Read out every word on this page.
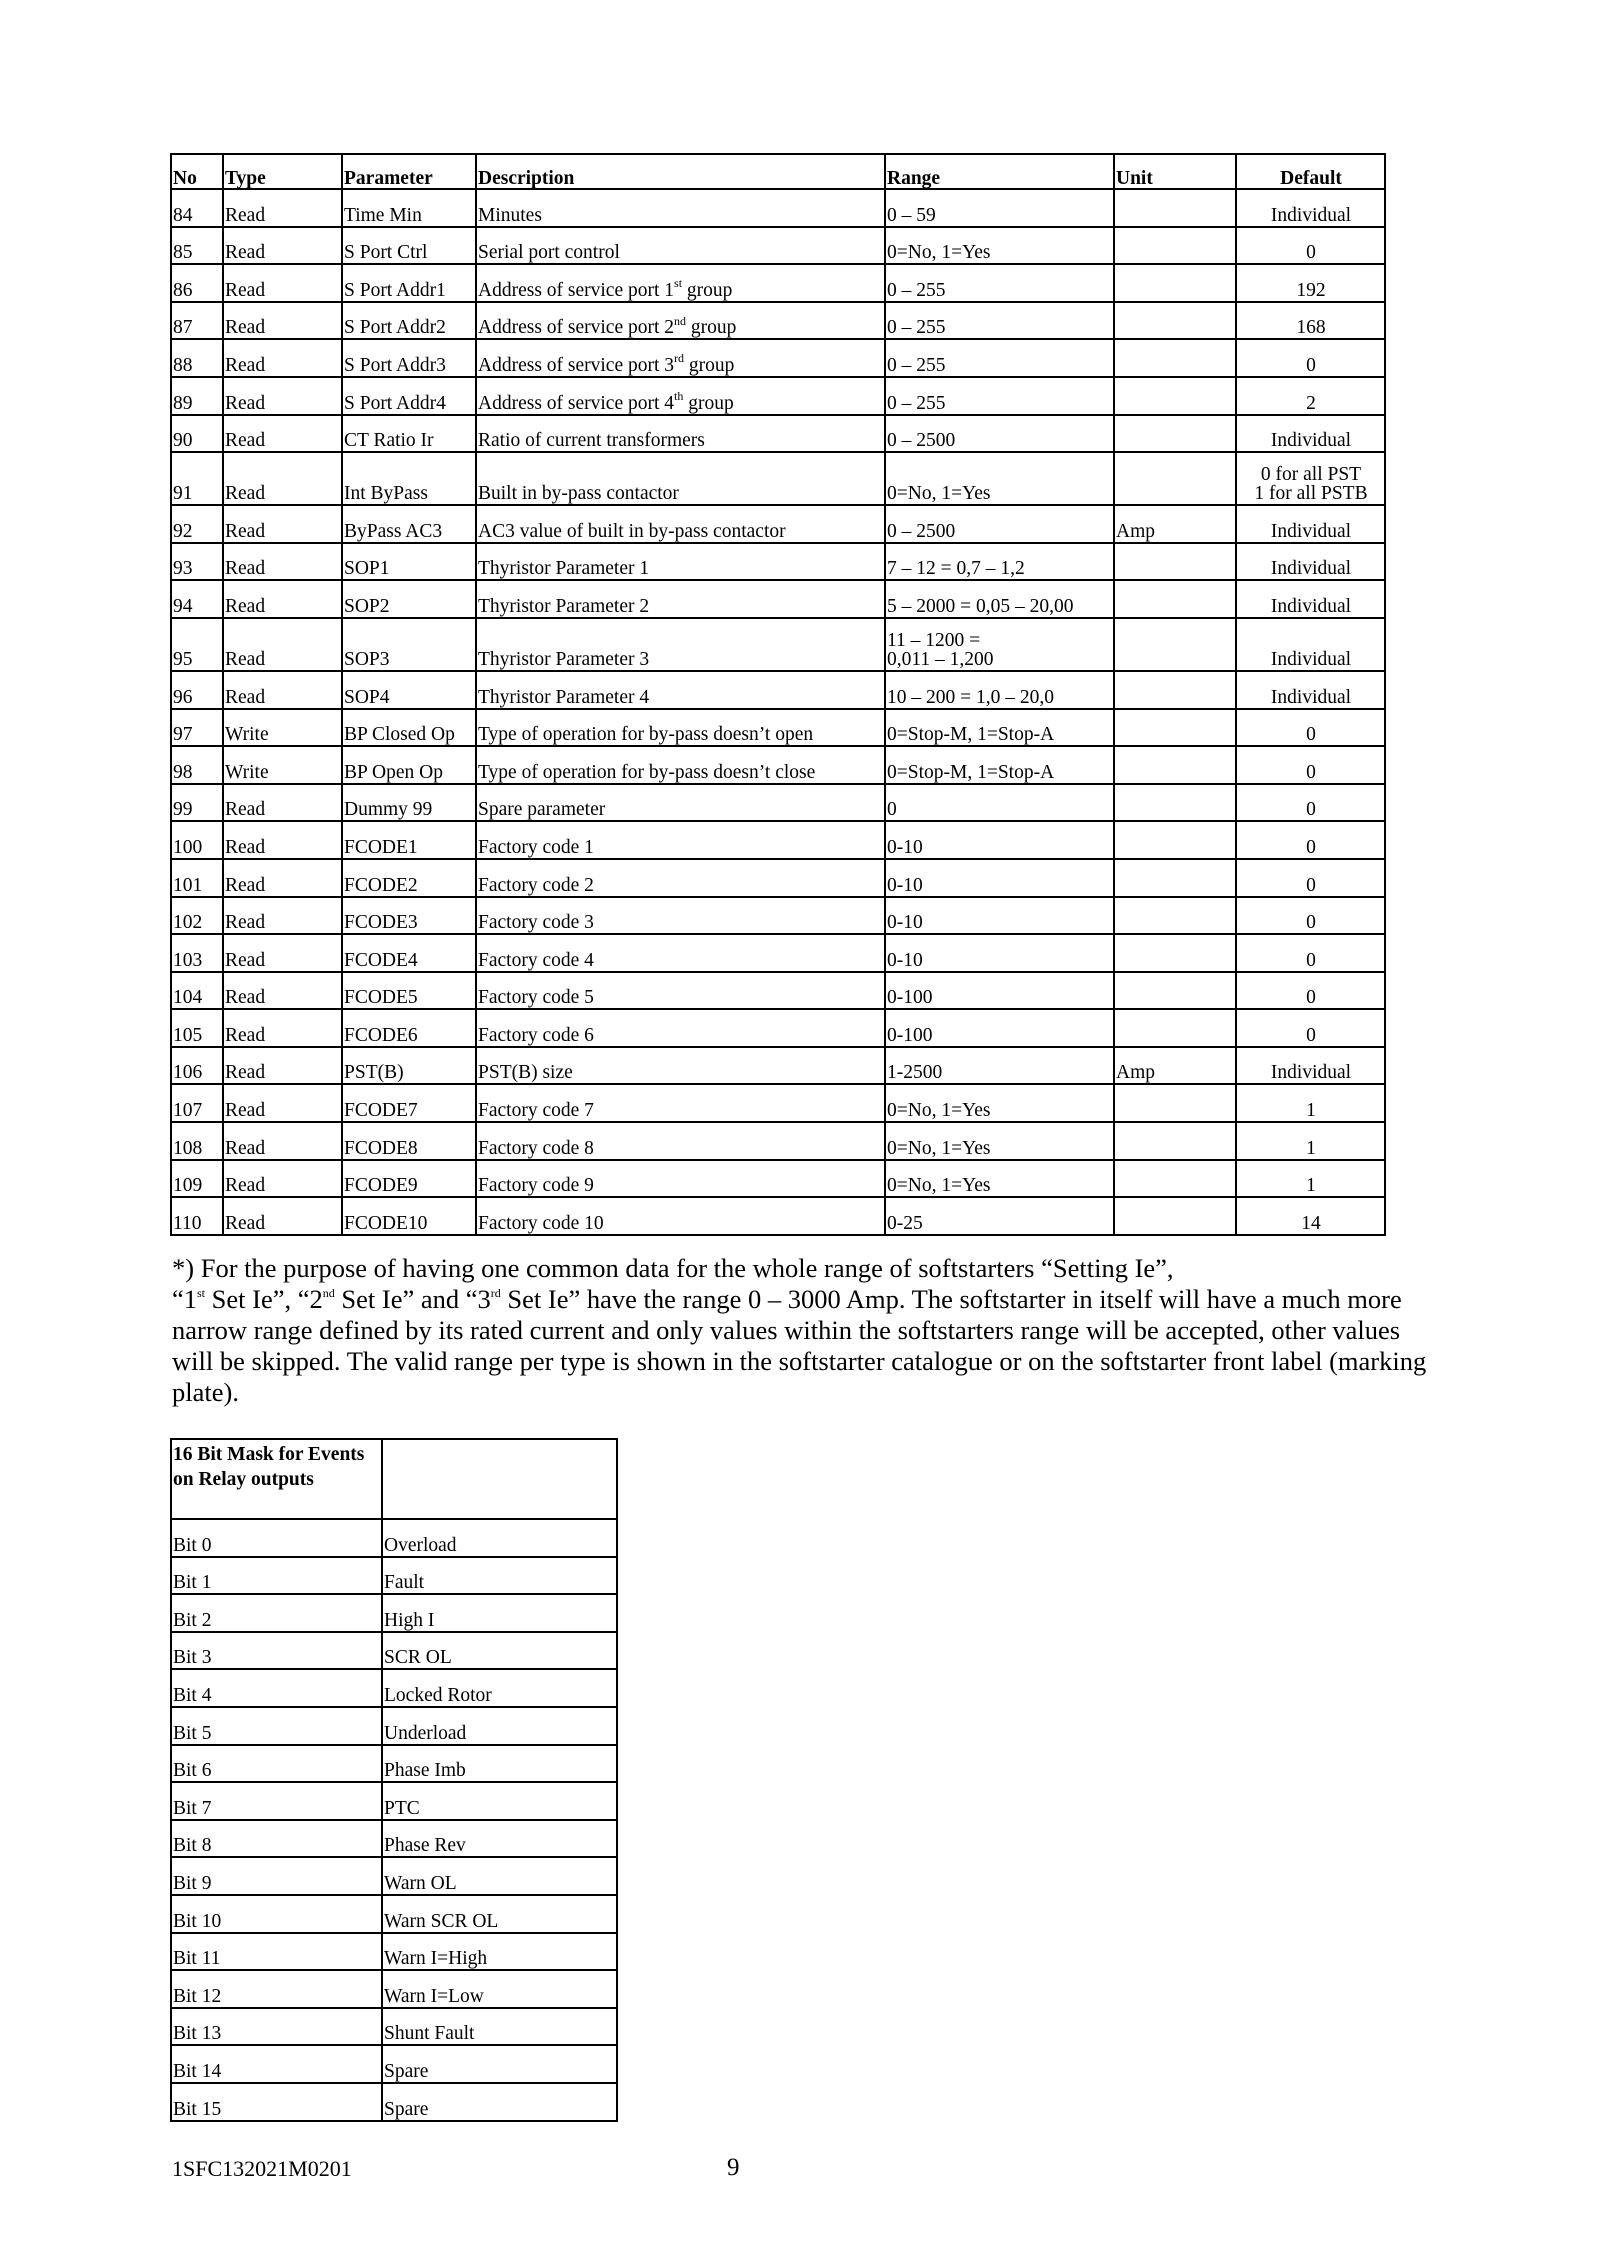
No	Type	Parameter	Description	Range	Unit	Default
84	Read	Time Min	Minutes	0 – 59		Individual
85	Read	S Port Ctrl	Serial port control	0=No, 1=Yes		0
86	Read	S Port Addr1	Address of service port 1st group	0 – 255		192
87	Read	S Port Addr2	Address of service port 2nd group	0 – 255		168
88	Read	S Port Addr3	Address of service port 3rd group	0 – 255		0
89	Read	S Port Addr4	Address of service port 4th group	0 – 255		2
90	Read	CT Ratio Ir	Ratio of current transformers	0 – 2500		Individual
91	Read	Int ByPass	Built in by-pass contactor	0=No, 1=Yes		0 for all PST
1 for all PSTB
92	Read	ByPass AC3	AC3 value of built in by-pass contactor	0 – 2500	Amp	Individual
93	Read	SOP1	Thyristor Parameter 1	7 – 12 = 0,7 – 1,2		Individual
94	Read	SOP2	Thyristor Parameter 2	5 – 2000 = 0,05 – 20,00		Individual
95	Read	SOP3	Thyristor Parameter 3	11 – 1200 =
0,011 – 1,200		Individual
96	Read	SOP4	Thyristor Parameter 4	10 – 200 = 1,0 – 20,0		Individual
97	Write	BP Closed Op	Type of operation for by-pass doesn’t open	0=Stop-M, 1=Stop-A		0
98	Write	BP Open Op	Type of operation for by-pass doesn’t close	0=Stop-M, 1=Stop-A		0
99	Read	Dummy 99	Spare parameter	0		0
100	Read	FCODE1	Factory code 1	0-10		0
101	Read	FCODE2	Factory code 2	0-10		0
102	Read	FCODE3	Factory code 3	0-10		0
103	Read	FCODE4	Factory code 4	0-10		0
104	Read	FCODE5	Factory code 5	0-100		0
105	Read	FCODE6	Factory code 6	0-100		0
106	Read	PST(B)	PST(B) size	1-2500	Amp	Individual
107	Read	FCODE7	Factory code 7	0=No, 1=Yes		1
108	Read	FCODE8	Factory code 8	0=No, 1=Yes		1
109	Read	FCODE9	Factory code 9	0=No, 1=Yes		1
110	Read	FCODE10	Factory code 10	0-25		14
*) For the purpose of having one common data for the whole range of softstarters “Setting Ie”,
“1st Set Ie”, “2nd Set Ie” and “3rd Set Ie” have the range 0 – 3000 Amp. The softstarter in itself will have a much more narrow range defined by its rated current and only values within the softstarters range will be accepted, other values will be skipped. The valid range per type is shown in the softstarter catalogue or on the softstarter front label (marking plate).
16 Bit Mask for Events on Relay outputs	
Bit 0	Overload
Bit 1	Fault
Bit 2	High I
Bit 3	SCR OL
Bit 4	Locked Rotor
Bit 5	Underload
Bit 6	Phase Imb
Bit 7	PTC
Bit 8	Phase Rev
Bit 9	Warn OL
Bit 10	Warn SCR OL
Bit 11	Warn I=High
Bit 12	Warn I=Low
Bit 13	Shunt Fault
Bit 14	Spare
Bit 15	Spare
1SFC132021M0201	9
